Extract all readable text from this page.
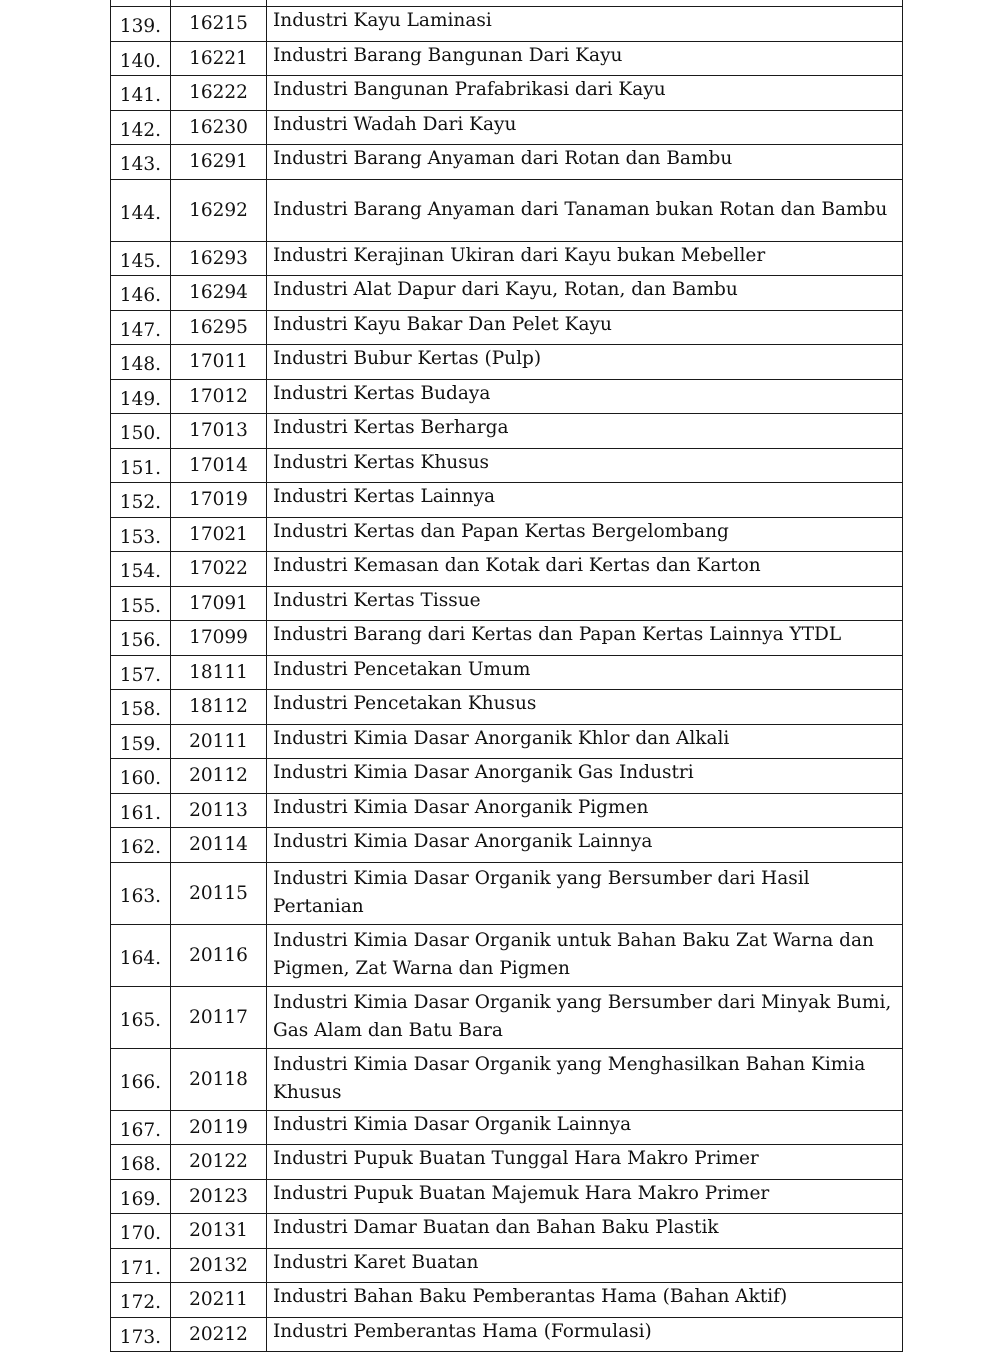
139.	16215	Industri Kayu Laminasi
140.	16221	Industri Barang Bangunan Dari Kayu
141.	16222	Industri Bangunan Prafabrikasi dari Kayu
142.	16230	Industri Wadah Dari Kayu
143.	16291	Industri Barang Anyaman dari Rotan dan Bambu
144.	16292	Industri Barang Anyaman dari Tanaman bukan Rotan dan Bambu
145.	16293	Industri Kerajinan Ukiran dari Kayu bukan Mebeller
146.	16294	Industri Alat Dapur dari Kayu, Rotan, dan Bambu
147.	16295	Industri Kayu Bakar Dan Pelet Kayu
148.	17011	Industri Bubur Kertas (Pulp)
149.	17012	Industri Kertas Budaya
150.	17013	Industri Kertas Berharga
151.	17014	Industri Kertas Khusus
152.	17019	Industri Kertas Lainnya
153.	17021	Industri Kertas dan Papan Kertas Bergelombang
154.	17022	Industri Kemasan dan Kotak dari Kertas dan Karton
155.	17091	Industri Kertas Tissue
156.	17099	Industri Barang dari Kertas dan Papan Kertas Lainnya YTDL
157.	18111	Industri Pencetakan Umum
158.	18112	Industri Pencetakan Khusus
159.	20111	Industri Kimia Dasar Anorganik Khlor dan Alkali
160.	20112	Industri Kimia Dasar Anorganik Gas Industri
161.	20113	Industri Kimia Dasar Anorganik Pigmen
162.	20114	Industri Kimia Dasar Anorganik Lainnya
163.	20115	Industri Kimia Dasar Organik yang Bersumber dari Hasil Pertanian
164.	20116	Industri Kimia Dasar Organik untuk Bahan Baku Zat Warna dan Pigmen, Zat Warna dan Pigmen
165.	20117	Industri Kimia Dasar Organik yang Bersumber dari Minyak Bumi, Gas Alam dan Batu Bara
166.	20118	Industri Kimia Dasar Organik yang Menghasilkan Bahan Kimia Khusus
167.	20119	Industri Kimia Dasar Organik Lainnya
168.	20122	Industri Pupuk Buatan Tunggal Hara Makro Primer
169.	20123	Industri Pupuk Buatan Majemuk Hara Makro Primer
170.	20131	Industri Damar Buatan dan Bahan Baku Plastik
171.	20132	Industri Karet Buatan
172.	20211	Industri Bahan Baku Pemberantas Hama (Bahan Aktif)
173.	20212	Industri Pemberantas Hama (Formulasi)
